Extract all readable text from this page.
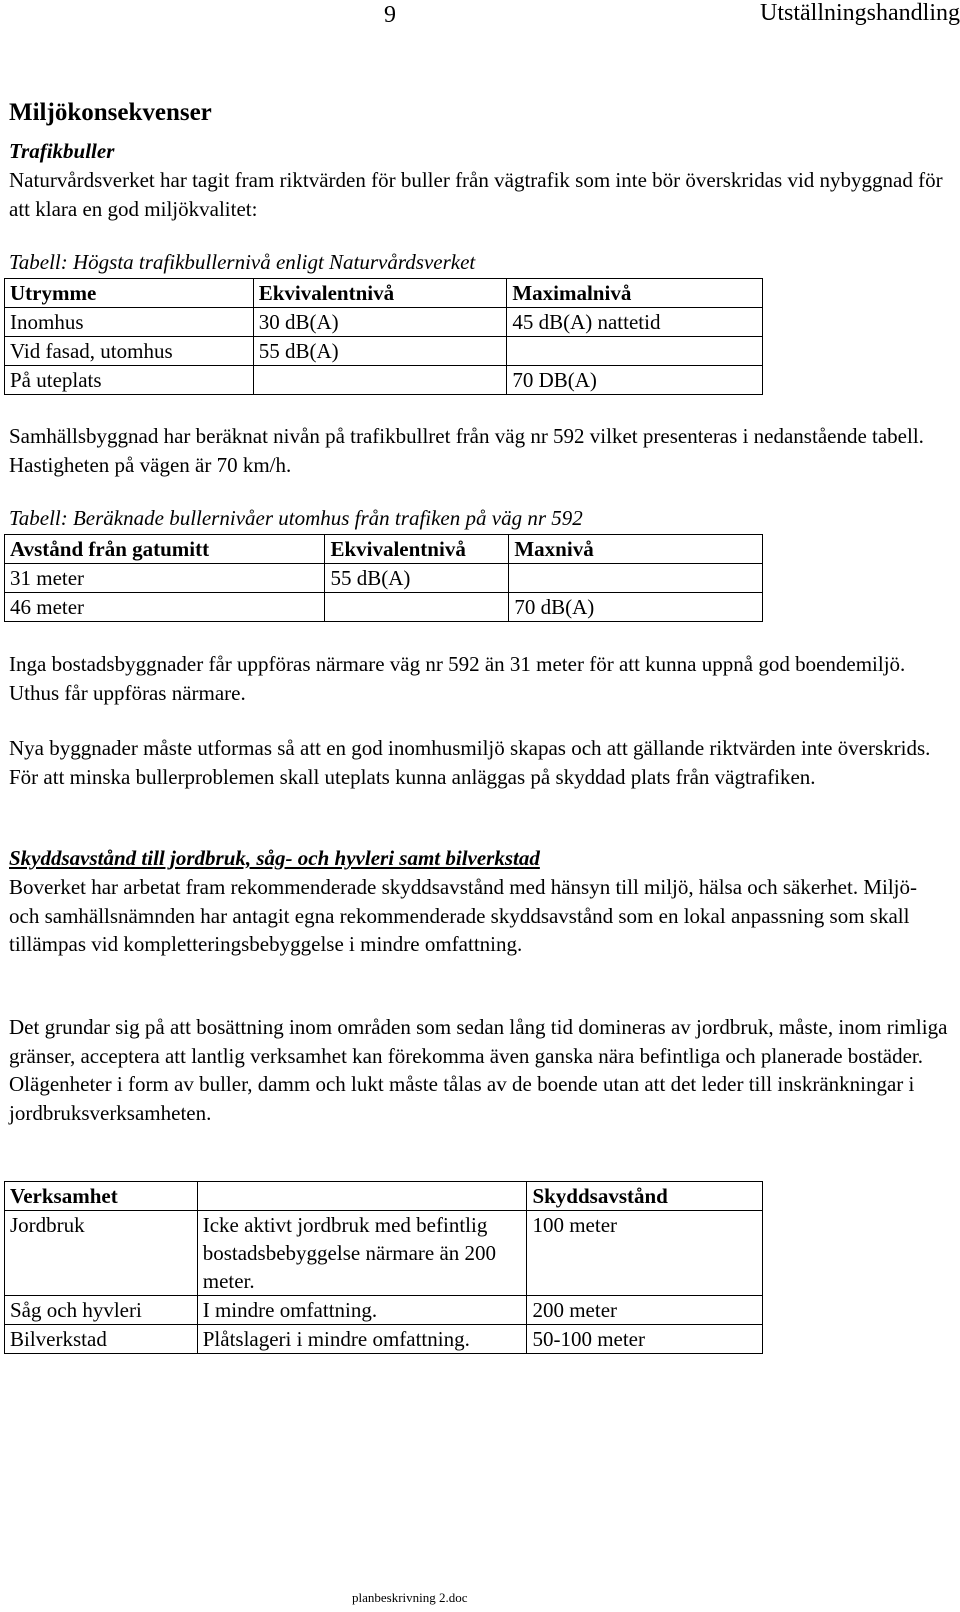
9	Utställningshandling
Miljökonsekvenser
Trafikbuller

Naturvårdsverket har tagit fram riktvärden för buller från vägtrafik som inte bör överskridas vid nybyggnad för att klara en god miljökvalitet:

Tabell: Högsta trafikbullernivå enligt Naturvårdsverket
Utrymme	Ekvivalentnivå	Maximalnivå
Inomhus	30 dB(A)	45 dB(A) nattetid
Vid fasad, utomhus	55 dB(A)	
På uteplats		70 DB(A)

Samhällsbyggnad har beräknat nivån på trafikbullret från väg nr 592 vilket presenteras i nedanstående tabell. Hastigheten på vägen är 70 km/h.

Tabell: Beräknade bullernivåer utomhus från trafiken på väg nr 592
Avstånd från gatumitt	Ekvivalentnivå	Maxnivå
31 meter	55 dB(A)	
46 meter		70 dB(A)

Inga bostadsbyggnader får uppföras närmare väg nr 592 än 31 meter för att kunna uppnå god boendemiljö. Uthus får uppföras närmare.

Nya byggnader måste utformas så att en god inomhusmiljö skapas och att gällande riktvärden inte överskrids. För att minska bullerproblemen skall uteplats kunna anläggas på skyddad plats från vägtrafiken.

Skyddsavstånd till jordbruk, såg- och hyvleri samt bilverkstad

Boverket har arbetat fram rekommenderade skyddsavstånd med hänsyn till miljö, hälsa och säkerhet. Miljö- och samhällsnämnden har antagit egna rekommenderade skyddsavstånd som en lokal anpassning som skall tillämpas vid kompletteringsbebyggelse i mindre omfattning.

Det grundar sig på att bosättning inom områden som sedan lång tid domineras av jordbruk, måste, inom rimliga gränser, acceptera att lantlig verksamhet kan förekomma även ganska nära befintliga och planerade bostäder. Olägenheter i form av buller, damm och lukt måste tålas av de boende utan att det leder till inskränkningar i jordbruksverksamheten.

Verksamhet		Skyddsavstånd
Jordbruk	Icke aktivt jordbruk med befintlig bostadsbebyggelse närmare än 200 meter.	100 meter
Såg och hyvleri	I mindre omfattning.	200 meter
Bilverkstad	Plåtslageri i mindre omfattning.	50-100 meter
planbeskrivning 2.doc
